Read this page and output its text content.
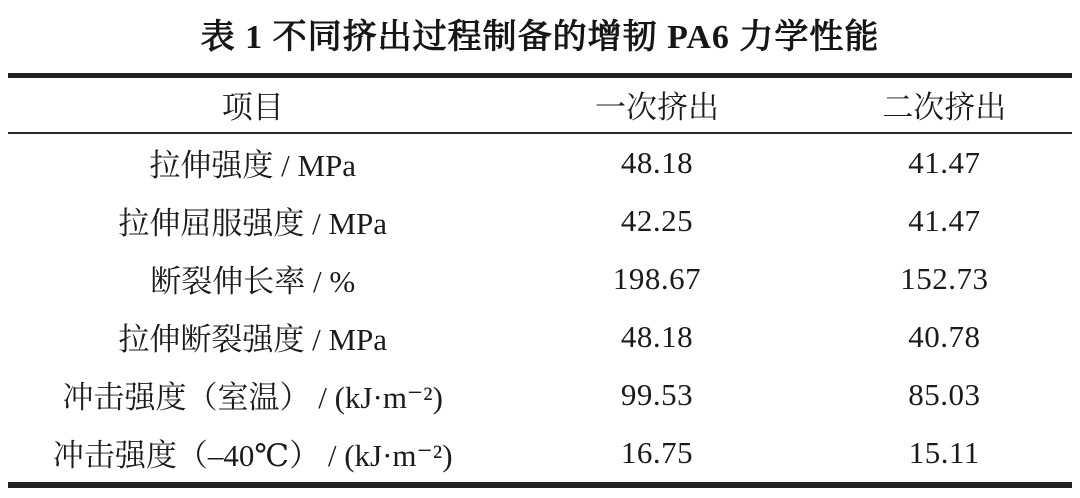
表 1 不同挤出过程制备的增韧 PA6 力学性能
项目	一次挤出	二次挤出
拉伸强度 / MPa	48.18	41.47
拉伸屈服强度 / MPa	42.25	41.47
断裂伸长率 / %	198.67	152.73
拉伸断裂强度 / MPa	48.18	40.78
冲击强度（室温） / (kJ·m⁻²)	99.53	85.03
冲击强度（–40℃） / (kJ·m⁻²)	16.75	15.11
